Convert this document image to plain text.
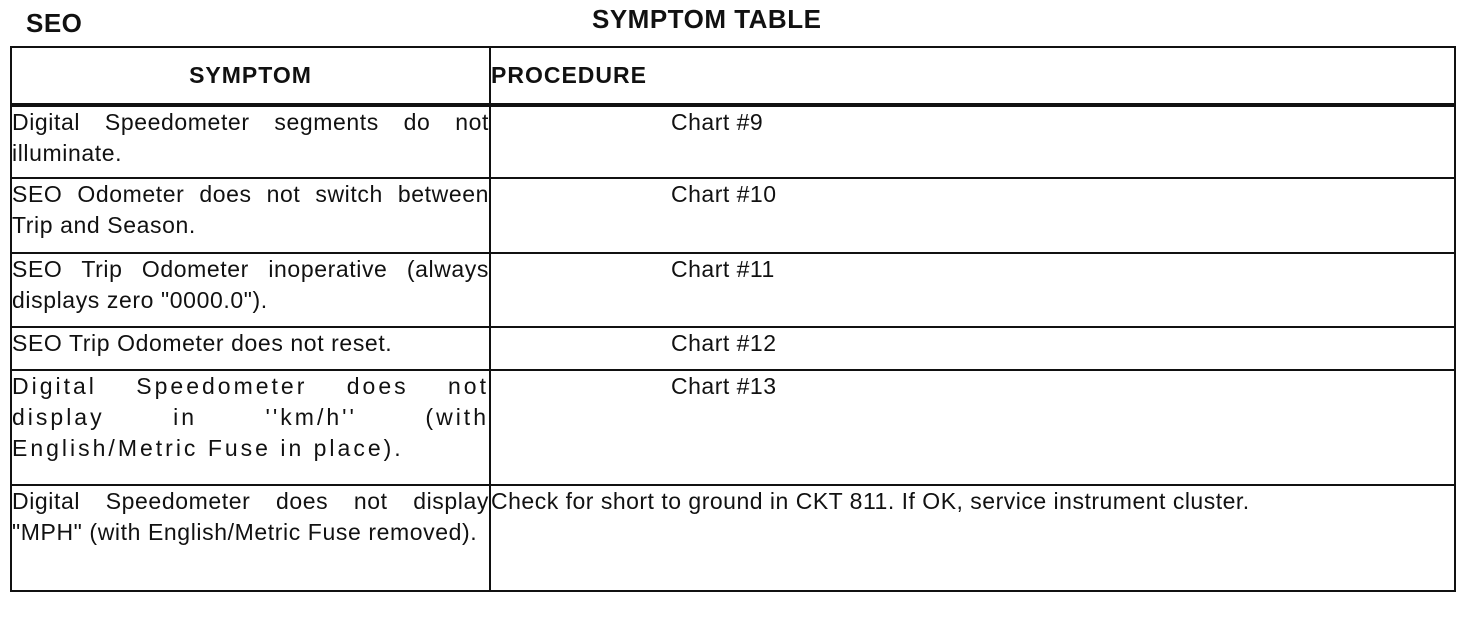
SEO	SYMPTOM TABLE
SYMPTOM	PROCEDURE
Digital Speedometer segments do not illuminate.	Chart #9
SEO Odometer does not switch between Trip and Season.	Chart #10
SEO Trip Odometer inoperative (always displays zero "0000.0").	Chart #11
SEO Trip Odometer does not reset.	Chart #12
Digital Speedometer does not display in ''km/h'' (with English/Metric Fuse in place).	Chart #13
Digital Speedometer does not display "MPH" (with English/Metric Fuse removed).	Check for short to ground in CKT 811. If OK, service instrument cluster.
